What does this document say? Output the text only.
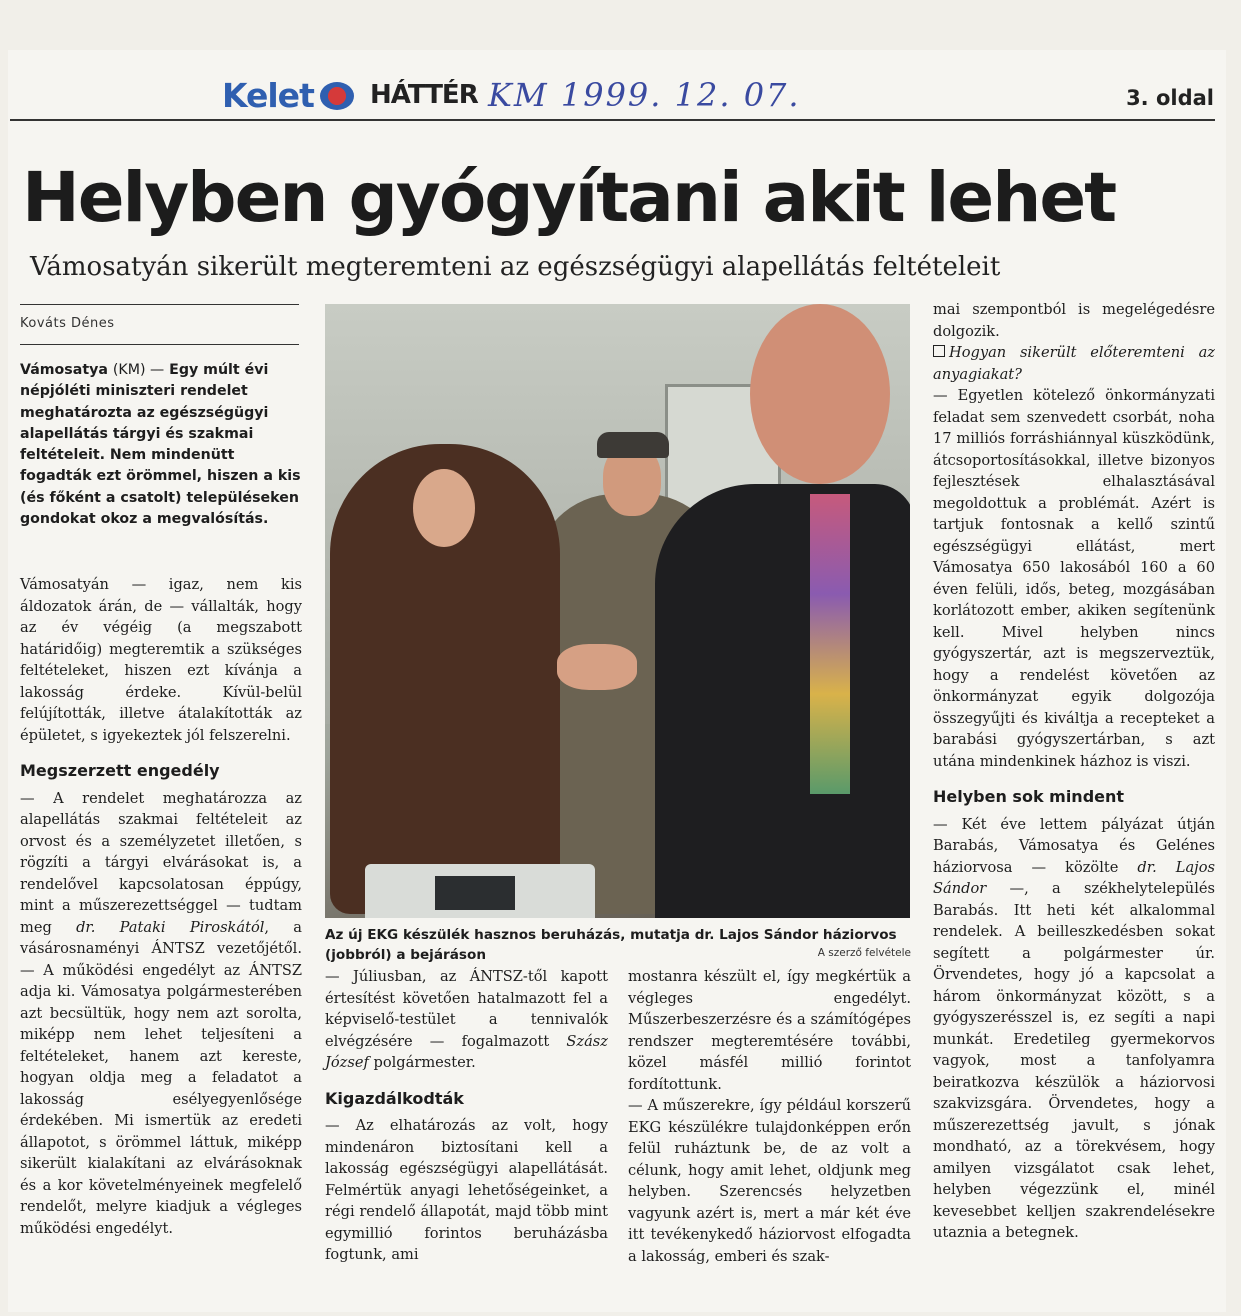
Kelet HÁTTÉR KM 1999. 12. 07.	3. oldal
Helyben gyógyítani akit lehet
Vámosatyán sikerült megteremteni az egészségügyi alapellátás feltételeit
Kováts Dénes
Vámosatya (KM) — Egy múlt évi népjóléti miniszteri rendelet meghatározta az egészségügyi alapellátás tárgyi és szakmai feltételeit. Nem mindenütt fogadták ezt örömmel, hiszen a kis (és főként a csatolt) településeken gondokat okoz a megvalósítás.

Vámosatyán — igaz, nem kis áldozatok árán, de — vállalták, hogy az év végéig (a megszabott határidőig) megteremtik a szükséges feltételeket, hiszen ezt kívánja a lakosság érdeke. Kívül-belül felújították, illetve átalakították az épületet, s igyekeztek jól felszerelni.

Megszerzett engedély

— A rendelet meghatározza az alapellátás szakmai feltételeit az orvost és a személyzetet illetően, s rögzíti a tárgyi elvárásokat is, a rendelővel kapcsolatosan éppúgy, mint a műszerezettséggel — tudtam meg dr. Pataki Piroskától, a vásárosnaményi ÁNTSZ vezetőjétől. — A működési engedélyt az ÁNTSZ adja ki. Vámosatya polgármesterében azt becsültük, hogy nem azt sorolta, miképp nem lehet teljesíteni a feltételeket, hanem azt kereste, hogyan oldja meg a feladatot a lakosság esélyegyenlősége érdekében. Mi ismertük az eredeti állapotot, s örömmel láttuk, miképp sikerült kialakítani az elvárásoknak és a kor követelményeinek megfelelő rendelőt, melyre kiadjuk a végleges működési engedélyt.

Az új EKG készülék hasznos beruházás, mutatja dr. Lajos Sándor háziorvos (jobbról) a bejáráson	A szerző felvétele

— Júliusban, az ÁNTSZ-től kapott értesítést követően hatalmazott fel a képviselő-testület a tennivalók elvégzésére — fogalmazott Szász József polgármester.

Kigazdálkodták

— Az elhatározás az volt, hogy mindenáron biztosítani kell a lakosság egészségügyi alapellátását. Felmértük anyagi lehetőségeinket, a régi rendelő állapotát, majd több mint egymillió forintos beruházásba fogtunk, ami

mostanra készült el, így megkértük a végleges engedélyt. Műszerbeszerzésre és a számítógépes rendszer megteremtésére további, közel másfél millió forintot fordítottunk.

— A műszerekre, így például korszerű EKG készülékre tulajdonképpen erőn felül ruháztunk be, de az volt a célunk, hogy amit lehet, oldjunk meg helyben. Szerencsés helyzetben vagyunk azért is, mert a már két éve itt tevékenykedő háziorvost elfogadta a lakosság, emberi és szak-

mai szempontból is megelégedésre dolgozik.

Hogyan sikerült előteremteni az anyagiakat?

— Egyetlen kötelező önkormányzati feladat sem szenvedett csorbát, noha 17 milliós forráshiánnyal küszködünk, átcsoportosításokkal, illetve bizonyos fejlesztések elhalasztásával megoldottuk a problémát. Azért is tartjuk fontosnak a kellő szintű egészségügyi ellátást, mert Vámosatya 650 lakosából 160 a 60 éven felüli, idős, beteg, mozgásában korlátozott ember, akiken segítenünk kell. Mivel helyben nincs gyógyszertár, azt is megszerveztük, hogy a rendelést követően az önkormányzat egyik dolgozója összegyűjti és kiváltja a recepteket a barabási gyógyszertárban, s azt utána mindenkinek házhoz is viszi.

Helyben sok mindent

— Két éve lettem pályázat útján Barabás, Vámosatya és Gelénes háziorvosa — közölte dr. Lajos Sándor —, a székhelytelepülés Barabás. Itt heti két alkalommal rendelek. A beilleszkedésben sokat segített a polgármester úr. Örvendetes, hogy jó a kapcsolat a három önkormányzat között, s a gyógyszerésszel is, ez segíti a napi munkát. Eredetileg gyermekorvos vagyok, most a tanfolyamra beiratkozva készülök a háziorvosi szakvizsgára. Örvendetes, hogy a műszerezettség javult, s jónak mondható, az a törekvésem, hogy amilyen vizsgálatot csak lehet, helyben végezzünk el, minél kevesebbet kelljen szakrendelésekre utaznia a betegnek.
